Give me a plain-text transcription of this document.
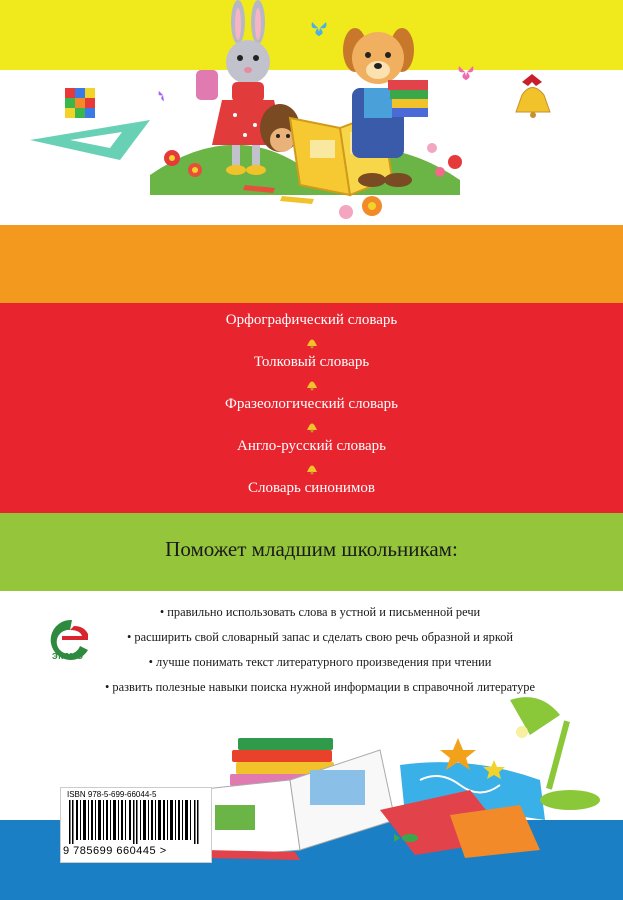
Орфографический словарь
Толковый словарь
Фразеологический словарь
Англо-русский словарь
Словарь синонимов
Поможет младшим школьникам:
ЭКСМО
• правильно использовать слова в устной и письменной речи
• расширить свой словарный запас и сделать свою речь образной и яркой
• лучше понимать текст литературного произведения при чтении
• развить полезные навыки поиска нужной информации в справочной литературе
ISBN 978-5-699-66044-5
9 785699 660445 >
